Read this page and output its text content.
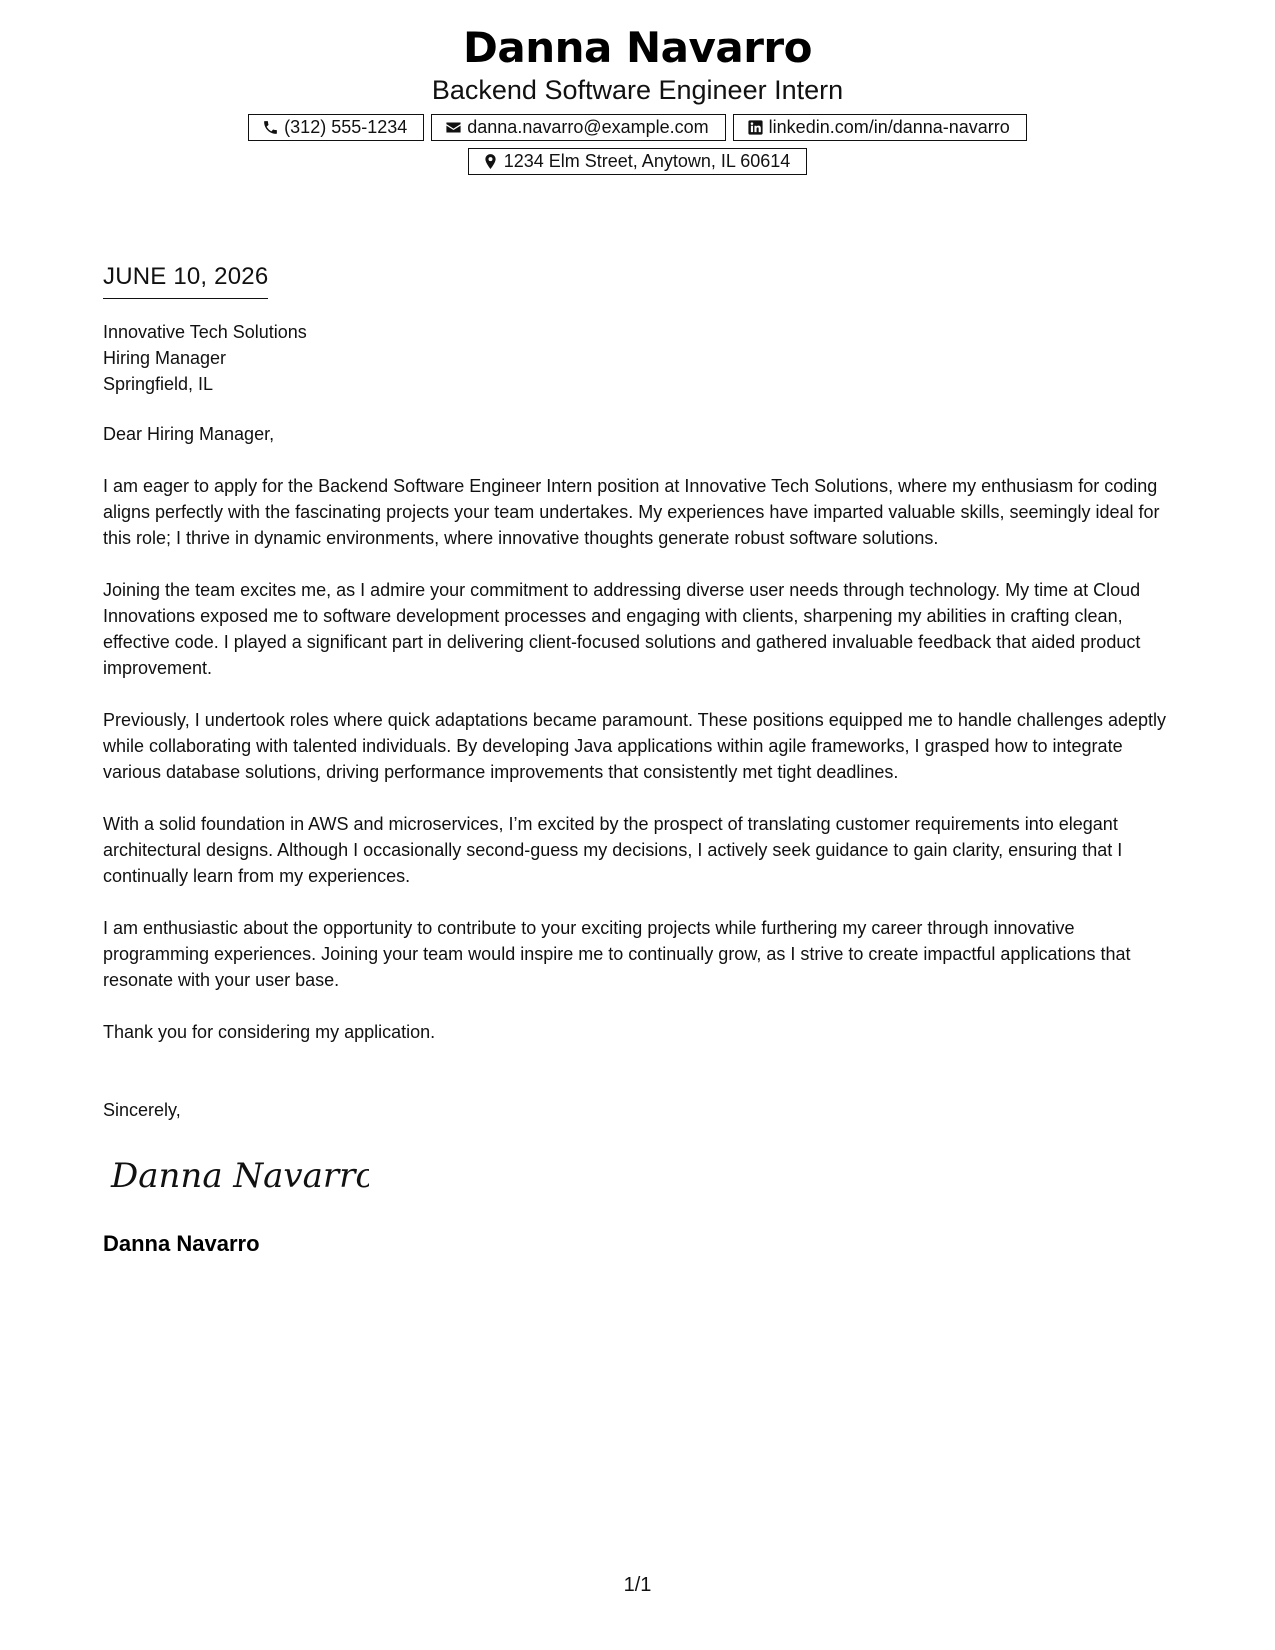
Danna Navarro
Backend Software Engineer Intern
(312) 555-1234	danna.navarro@example.com	linkedin.com/in/danna-navarro
1234 Elm Street, Anytown, IL 60614
JUNE 10, 2026
Innovative Tech Solutions
Hiring Manager
Springfield, IL
Dear Hiring Manager,
I am eager to apply for the Backend Software Engineer Intern position at Innovative Tech Solutions, where my enthusiasm for coding aligns perfectly with the fascinating projects your team undertakes. My experiences have imparted valuable skills, seemingly ideal for this role; I thrive in dynamic environments, where innovative thoughts generate robust software solutions.
Joining the team excites me, as I admire your commitment to addressing diverse user needs through technology. My time at Cloud Innovations exposed me to software development processes and engaging with clients, sharpening my abilities in crafting clean, effective code. I played a significant part in delivering client-focused solutions and gathered invaluable feedback that aided product improvement.
Previously, I undertook roles where quick adaptations became paramount. These positions equipped me to handle challenges adeptly while collaborating with talented individuals. By developing Java applications within agile frameworks, I grasped how to integrate various database solutions, driving performance improvements that consistently met tight deadlines.
With a solid foundation in AWS and microservices, I’m excited by the prospect of translating customer requirements into elegant architectural designs. Although I occasionally second-guess my decisions, I actively seek guidance to gain clarity, ensuring that I continually learn from my experiences.
I am enthusiastic about the opportunity to contribute to your exciting projects while furthering my career through innovative programming experiences. Joining your team would inspire me to continually grow, as I strive to create impactful applications that resonate with your user base.
Thank you for considering my application.
Sincerely,
Danna Navarro
Danna Navarro
1/1
